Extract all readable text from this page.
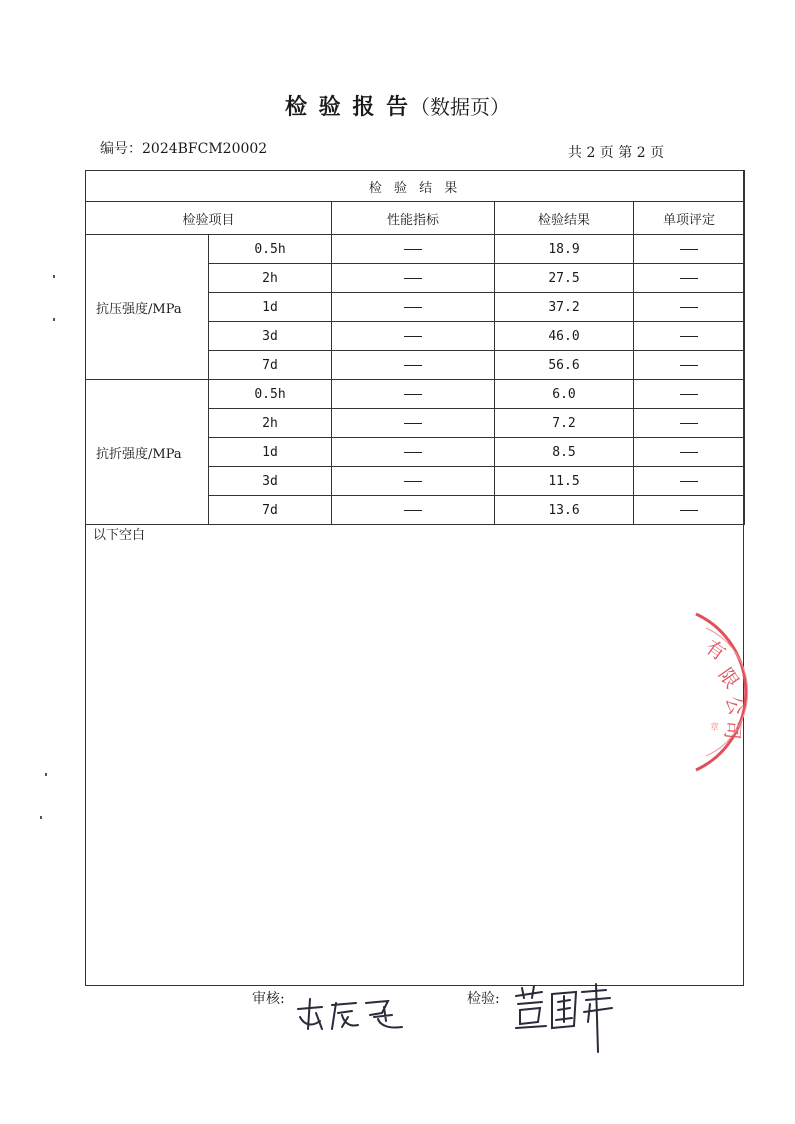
检 验 报 告（数据页）
编号：2024BFCM20002	共 2 页 第 2 页
检 验 结 果				
检验项目		性能指标	检验结果	单项评定
抗压强度/MPa	0.5h		18.9	
	2h		27.5	
	1d		37.2	
	3d		46.0	
	7d		56.6	
抗折强度/MPa	0.5h		6.0	
	2h		7.2	
	1d		8.5	
	3d		11.5	
	7d		13.6	
以下空白
有
限
公
司
章
审核:	检验:
